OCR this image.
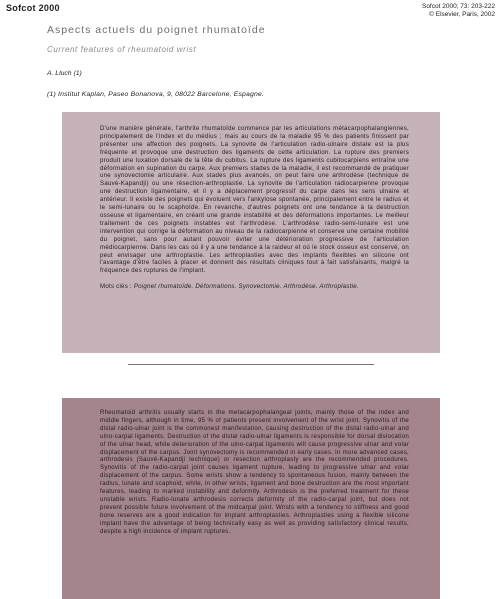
Sofcot 2000	Sofcot 2000; 73: 203-222
© Elsevier, Paris, 2002
Aspects actuels du poignet rhumatoïde
Current features of rheumatoid wrist
A. Lluch (1)
(1) Institut Kaplan, Paseo Bonanova, 9, 08022 Barcelone, Espagne.

D'une manière générale, l'arthrite rhumatoïde commence par les articulations métacarpophalangiennes, principalement de l'index et du médius ; mais au cours de la maladie 95 % des patients finissent par présenter une affection des poignets. La synovite de l'articulation radio-ulnaire distale est la plus fréquente et provoque une destruction des ligaments de cette articulation. La rupture des premiers produit une luxation dorsale de la tête du cubitus. La rupture des ligaments cubitocarpiens entraîne une déformation en supination du carpe. Aux premiers stades de la maladie, il est recommandé de pratiquer une synovectomie articulaire. Aux stades plus avancés, on peut faire une arthrodèse (technique de Sauvé-Kapandji) ou une résection-arthroplastie. La synovite de l'articulation radiocarpienne provoque une destruction ligamentaire, et il y a déplacement progressif du carpe dans les sens ulnaire et antérieur. Il existe des poignets qui évoluent vers l'ankylose spontanée, principalement entre le radius et le semi-lunaire ou le scaphoïde. En revanche, d'autres poignets ont une tendance à la destruction osseuse et ligamentaire, en créant une grande instabilité et des déformations importantes. Le meilleur traitement de ces poignets instables est l'arthrodèse. L'arthrodèse radio-semi-lunaire est une intervention qui corrige la déformation au niveau de la radiocarpienne et conserve une certaine mobilité du poignet, sans pour autant pouvoir éviter une détérioration progressive de l'articulation médiocarpienne. Dans les cas où il y a une tendance à la raideur et où le stock osseux est conservé, on peut envisager une arthroplastie. Les arthroplasties avec des implants flexibles en silicone ont l'avantage d'être faciles à placer et donnent des résultats cliniques tout à fait satisfaisants, malgré la fréquence des ruptures de l'implant.

Mots clés : Poignet rhumatoïde. Déformations. Synovectomie. Arthrodèse. Arthroplastie.

Rheumatoid arthritis usually starts in the metacarpophalangeal joints, mainly those of the index and middle fingers, although in time, 95 % of patients present involvement of the wrist joint. Synovitis of the distal radio-ulnar joint is the commonest manifestation, causing destruction of the distal radio-ulnar and ulno-carpal ligaments. Destruction of the distal radio-ulnar ligaments is responsible for dorsal dislocation of the ulnar head, while deterioration of the ulno-carpal ligaments will cause progressive ulnar and volar displacement of the carpus. Joint synovectomy is recommended in early cases. In more advanced cases, arthrodesis (Sauvé-Kapandji technique) or resection arthroplasty are the recommended procedures. Synovitis of the radio-carpal joint causes ligament rupture, leading to progressive ulnar and volar displacement of the carpus. Some wrists show a tendency to spontaneous fusion, mainly between the radius, lunate and scaphoid, while, in other wrists, ligament and bone destruction are the most important features, leading to marked instability and deformity. Arthrodesis is the preferred treatment for these unstable wrists. Radio-lunate arthrodesis corrects deformity of the radio-carpal joint, but does not prevent possible future involvement of the midcarpal joint. Wrists with a tendency to stiffness and good bone reserves are a good indication for implant arthroplasties. Arthroplasties using a flexible silicone implant have the advantage of being technically easy as well as providing satisfactory clinical results, despite a high incidence of implant ruptures.
